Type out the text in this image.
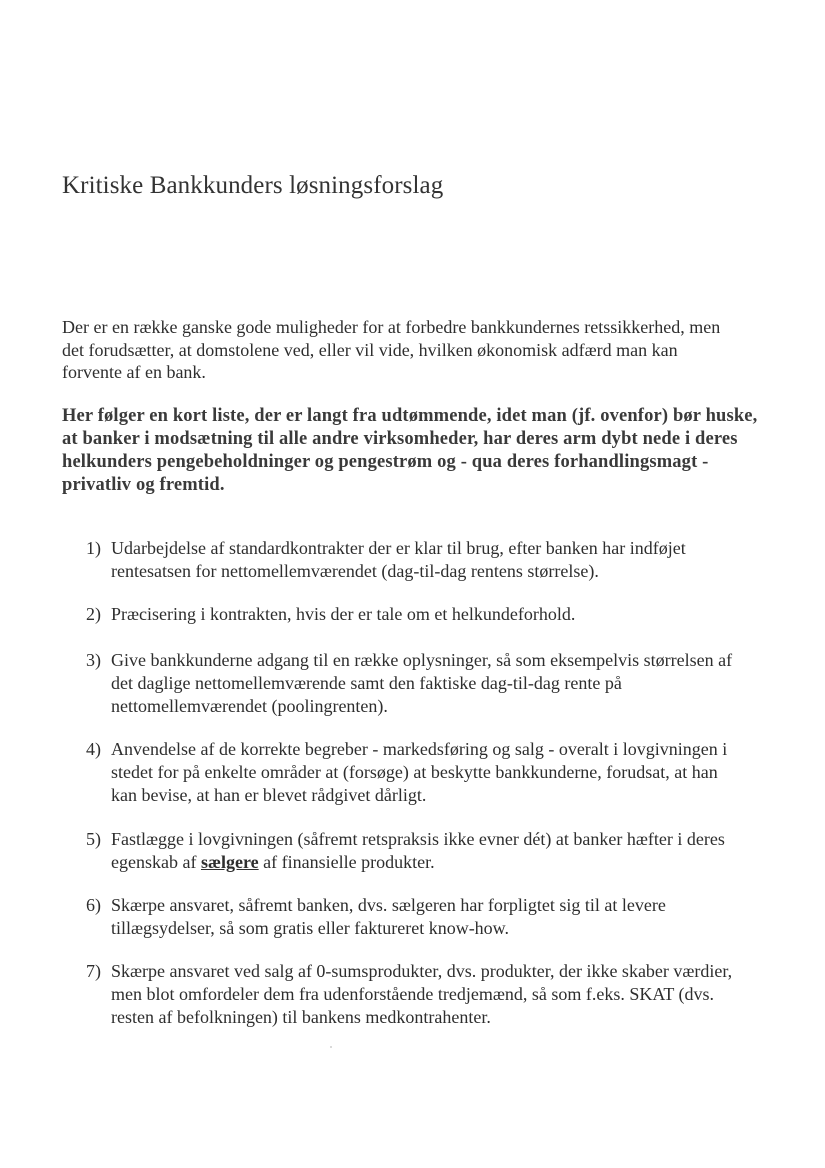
Kritiske Bankkunders løsningsforslag

Der er en række ganske gode muligheder for at forbedre bankkundernes retssikkerhed, men det forudsætter, at domstolene ved, eller vil vide, hvilken økonomisk adfærd man kan forvente af en bank.

Her følger en kort liste, der er langt fra udtømmende, idet man (jf. ovenfor) bør huske, at banker i modsætning til alle andre virksomheder, har deres arm dybt nede i deres helkunders pengebeholdninger og pengestrøm og - qua deres forhandlingsmagt - privatliv og fremtid.

1) Udarbejdelse af standardkontrakter der er klar til brug, efter banken har indføjet rentesatsen for nettomellemværendet (dag-til-dag rentens størrelse).
2) Præcisering i kontrakten, hvis der er tale om et helkundeforhold.
3) Give bankkunderne adgang til en række oplysninger, så som eksempelvis størrelsen af det daglige nettomellemværende samt den faktiske dag-til-dag rente på nettomellemværendet (poolingrenten).
4) Anvendelse af de korrekte begreber - markedsføring og salg - overalt i lovgivningen i stedet for på enkelte områder at (forsøge) at beskytte bankkunderne, forudsat, at han kan bevise, at han er blevet rådgivet dårligt.
5) Fastlægge i lovgivningen (såfremt retspraksis ikke evner dét) at banker hæfter i deres egenskab af sælgere af finansielle produkter.
6) Skærpe ansvaret, såfremt banken, dvs. sælgeren har forpligtet sig til at levere tillægsydelser, så som gratis eller faktureret know-how.
7) Skærpe ansvaret ved salg af 0-sumsprodukter, dvs. produkter, der ikke skaber værdier, men blot omfordeler dem fra udenforstående tredjemænd, så som f.eks. SKAT (dvs. resten af befolkningen) til bankens medkontrahenter.
